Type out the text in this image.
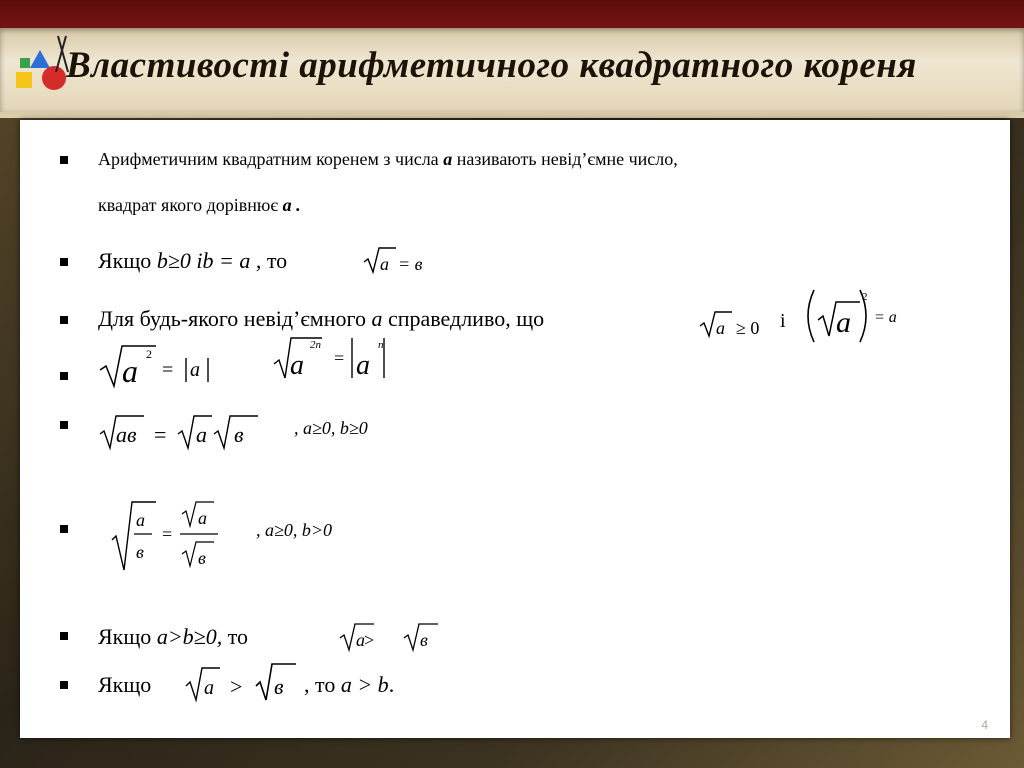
Властивості арифметичного квадратного кореня
4
Арифметичним квадратним коренем з числа а називають невід’ємне число,
квадрат якого дорівнює а .
Якщо b≥0 іb = a , то	a = в
Для будь-якого невід’ємного а справедливо, що	a ≥ 0 і a
2
= a
a 2
= a
2n
a = a
n
ав = a в	, а≥0, b≥0
a
в
=
a
в
, а≥0, b>0
Якщо а>b≥0, то	a >	в
Якщо	a > в , то а > b.
